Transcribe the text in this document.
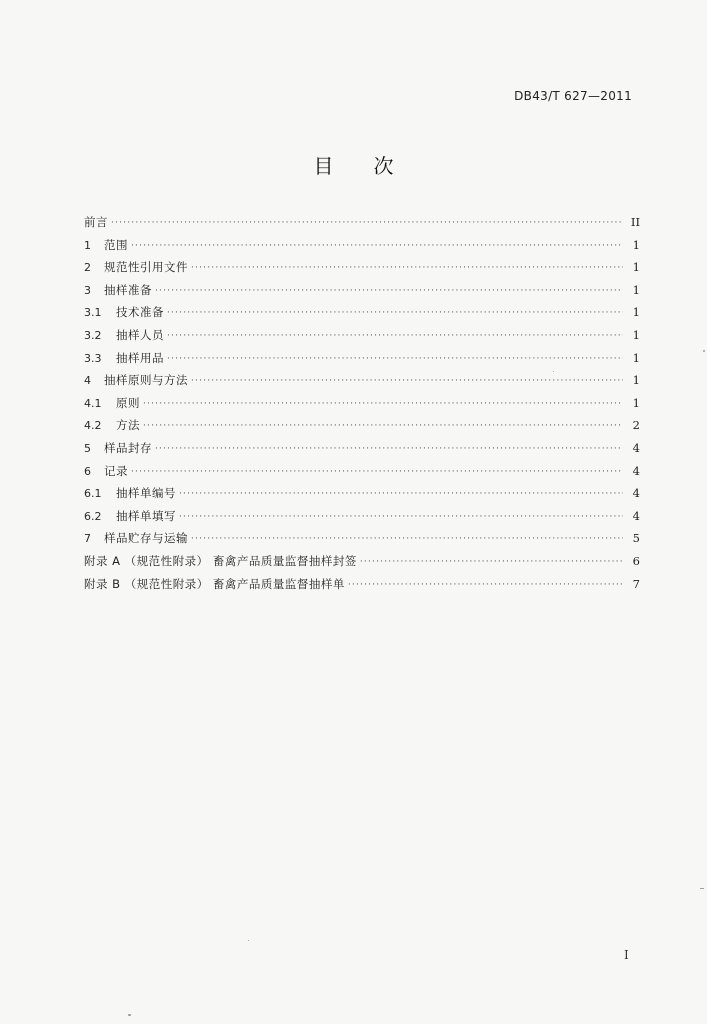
DB43/T 627—2011
目次
前言 ·····	II
1	范围 ·····	1
2	规范性引用文件 ·····	1
3	抽样准备 ·····	1
3.1	技术准备 ·····	1
3.2	抽样人员 ·····	1
3.3	抽样用品 ·····	1
4	抽样原则与方法 ·····	1
4.1	原则 ·····	1
4.2	方法 ·····	2
5	样品封存 ·····	4
6	记录 ·····	4
6.1	抽样单编号 ·····	4
6.2	抽样单填写 ·····	4
7	样品贮存与运输 ·····	5
附录 A （规范性附录） 畜禽产品质量监督抽样封签 ·····	6
附录 B （规范性附录） 畜禽产品质量监督抽样单 ·····	7
I
